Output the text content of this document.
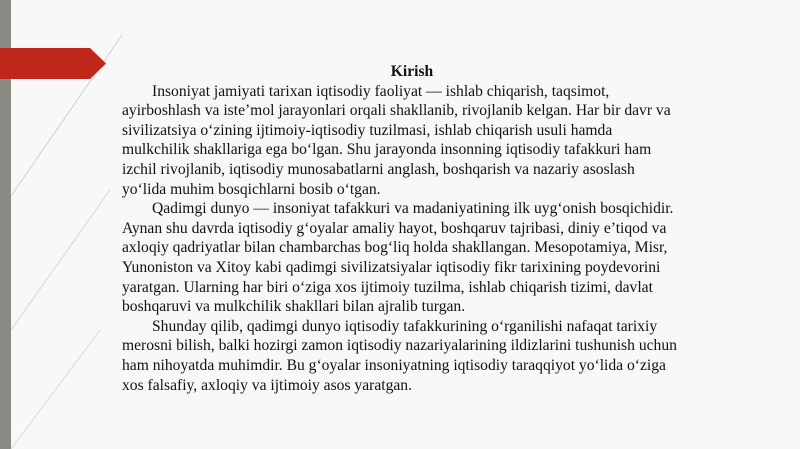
Kirish

Insoniyat jamiyati tarixan iqtisodiy faoliyat — ishlab chiqarish, taqsimot, ayirboshlash va iste’mol jarayonlari orqali shakllanib, rivojlanib kelgan. Har bir davr va sivilizatsiya o‘zining ijtimoiy-iqtisodiy tuzilmasi, ishlab chiqarish usuli hamda mulkchilik shakllariga ega bo‘lgan. Shu jarayonda insonning iqtisodiy tafakkuri ham izchil rivojlanib, iqtisodiy munosabatlarni anglash, boshqarish va nazariy asoslash yo‘lida muhim bosqichlarni bosib o‘tgan.

Qadimgi dunyo — insoniyat tafakkuri va madaniyatining ilk uyg‘onish bosqichidir. Aynan shu davrda iqtisodiy g‘oyalar amaliy hayot, boshqaruv tajribasi, diniy e’tiqod va axloqiy qadriyatlar bilan chambarchas bog‘liq holda shakllangan. Mesopotamiya, Misr, Yunoniston va Xitoy kabi qadimgi sivilizatsiyalar iqtisodiy fikr tarixining poydevorini yaratgan. Ularning har biri o‘ziga xos ijtimoiy tuzilma, ishlab chiqarish tizimi, davlat boshqaruvi va mulkchilik shakllari bilan ajralib turgan.

Shunday qilib, qadimgi dunyo iqtisodiy tafakkurining o‘rganilishi nafaqat tarixiy merosni bilish, balki hozirgi zamon iqtisodiy nazariyalarining ildizlarini tushunish uchun ham nihoyatda muhimdir. Bu g‘oyalar insoniyatning iqtisodiy taraqqiyot yo‘lida o‘ziga xos falsafiy, axloqiy va ijtimoiy asos yaratgan.
